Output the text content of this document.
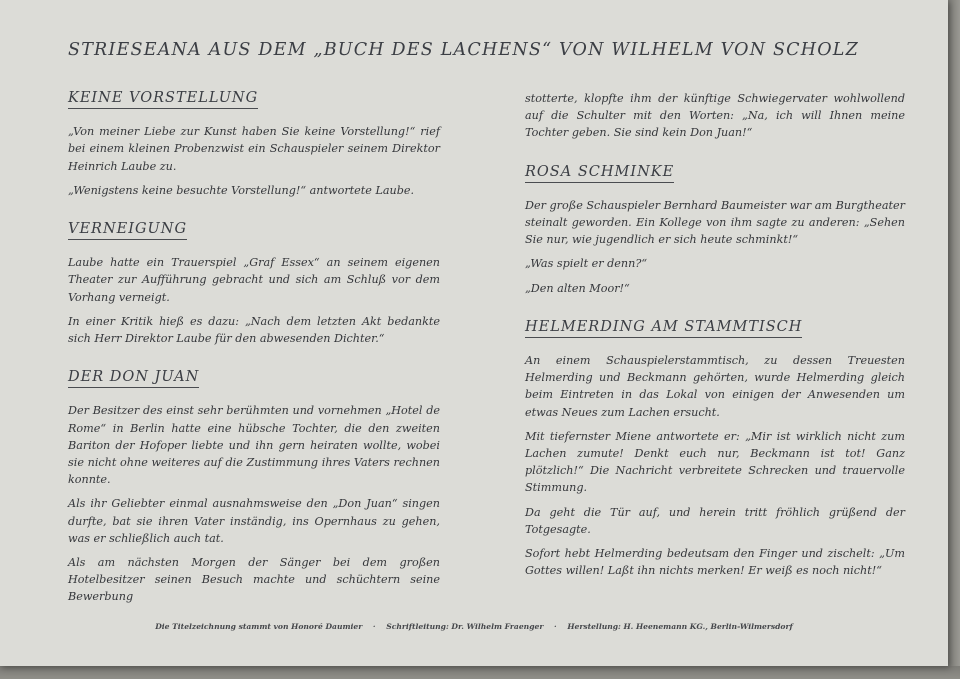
STRIESEANA AUS DEM „BUCH DES LACHENS“ VON WILHELM VON SCHOLZ
KEINE VORSTELLUNG

„Von meiner Liebe zur Kunst haben Sie keine Vorstellung!“ rief bei einem kleinen Probenzwist ein Schauspieler seinem Direktor Heinrich Laube zu.

„Wenigstens keine besuchte Vorstellung!“ antwortete Laube.

VERNEIGUNG

Laube hatte ein Trauerspiel „Graf Essex“ an seinem eigenen Theater zur Aufführung gebracht und sich am Schluß vor dem Vorhang verneigt.

In einer Kritik hieß es dazu: „Nach dem letzten Akt bedankte sich Herr Direktor Laube für den abwesenden Dichter.“

DER DON JUAN

Der Besitzer des einst sehr berühmten und vornehmen „Hotel de Rome“ in Berlin hatte eine hübsche Tochter, die den zweiten Bariton der Hofoper liebte und ihn gern heiraten wollte, wobei sie nicht ohne weiteres auf die Zustimmung ihres Vaters rechnen konnte.

Als ihr Geliebter einmal ausnahmsweise den „Don Juan“ singen durfte, bat sie ihren Vater inständig, ins Opernhaus zu gehen, was er schließlich auch tat.

Als am nächsten Morgen der Sänger bei dem großen Hotelbesitzer seinen Besuch machte und schüchtern seine Bewerbung

stotterte, klopfte ihm der künftige Schwiegervater wohlwollend auf die Schulter mit den Worten: „Na, ich will Ihnen meine Tochter geben. Sie sind kein Don Juan!“

ROSA SCHMINKE

Der große Schauspieler Bernhard Baumeister war am Burgtheater steinalt geworden. Ein Kollege von ihm sagte zu anderen: „Sehen Sie nur, wie jugendlich er sich heute schminkt!“

„Was spielt er denn?“

„Den alten Moor!“

HELMERDING AM STAMMTISCH

An einem Schauspielerstammtisch, zu dessen Treuesten Helmerding und Beckmann gehörten, wurde Helmerding gleich beim Eintreten in das Lokal von einigen der Anwesenden um etwas Neues zum Lachen ersucht.

Mit tiefernster Miene antwortete er: „Mir ist wirklich nicht zum Lachen zumute! Denkt euch nur, Beckmann ist tot! Ganz plötzlich!“ Die Nachricht verbreitete Schrecken und trauervolle Stimmung.

Da geht die Tür auf, und herein tritt fröhlich grüßend der Totgesagte.

Sofort hebt Helmerding bedeutsam den Finger und zischelt: „Um Gottes willen! Laßt ihn nichts merken! Er weiß es noch nicht!“

Die Titelzeichnung stammt von Honoré Daumier · Schriftleitung: Dr. Wilhelm Fraenger · Herstellung: H. Heenemann KG., Berlin-Wilmersdorf
